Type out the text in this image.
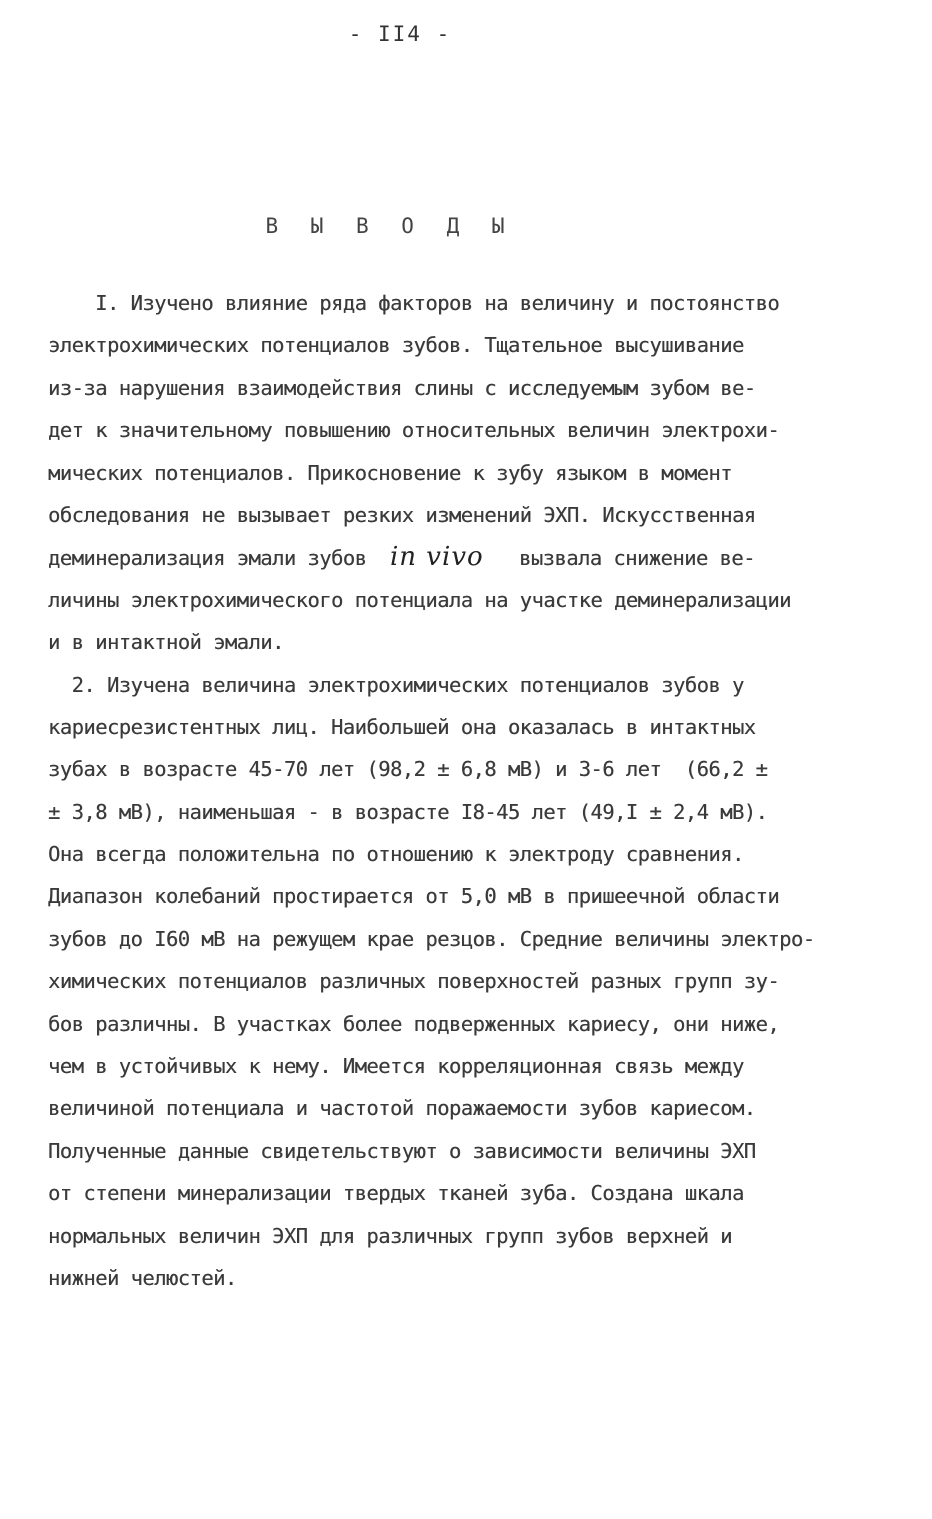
- II4 -
В Ы В О Д Ы
I. Изучено влияние ряда факторов на величину и постоянство
электрохимических потенциалов зубов. Тщательное высушивание
из-за нарушения взаимодействия слины с исследуемым зубом ве-
дет к значительному повышению относительных величин электрохи-
мических потенциалов. Прикосновение к зубу языком в момент
обследования не вызывает резких изменений ЭХП. Искусственная
деминерализация эмали зубов  in vivo   вызвала снижение ве-
личины электрохимического потенциала на участке деминерализации
и в интактной эмали.
2. Изучена величина электрохимических потенциалов зубов у
кариесрезистентных лиц. Наибольшей она оказалась в интактных
зубах в возрасте 45-70 лет (98,2 ± 6,8 мВ) и 3-6 лет  (66,2 ±
± 3,8 мВ), наименьшая - в возрасте I8-45 лет (49,I ± 2,4 мВ).
Она всегда положительна по отношению к электроду сравнения.
Диапазон колебаний простирается от 5,0 мВ в пришеечной области
зубов до I60 мВ на режущем крае резцов. Средние величины электро-
химических потенциалов различных поверхностей разных групп зу-
бов различны. В участках более подверженных кариесу, они ниже,
чем в устойчивых к нему. Имеется корреляционная связь между
величиной потенциала и частотой поражаемости зубов кариесом.
Полученные данные свидетельствуют о зависимости величины ЭХП
от степени минерализации твердых тканей зуба. Создана шкала
нормальных величин ЭХП для различных групп зубов верхней и
нижней челюстей.
